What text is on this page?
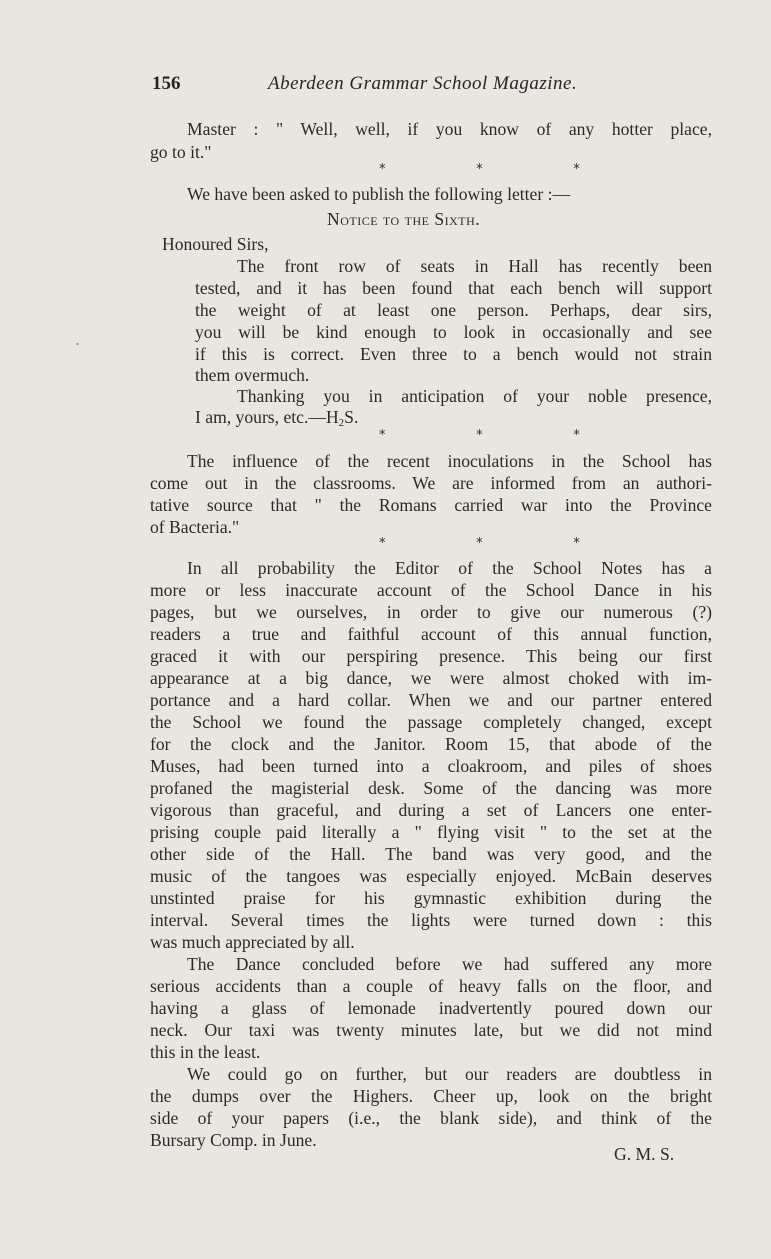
156	Aberdeen Grammar School Magazine.
Master : " Well, well, if you know of any hotter place,
go to it."
*     *     *
We have been asked to publish the following letter :—
Notice to the Sixth.
Honoured Sirs,
The front row of seats in Hall has recently been
tested, and it has been found that each bench will support
the weight of at least one person. Perhaps, dear sirs,
you will be kind enough to look in occasionally and see
if this is correct. Even three to a bench would not strain
them overmuch.
Thanking you in anticipation of your noble presence,
I am, yours, $etc.—H_2S$.
*     *     *
The influence of the recent inoculations in the School has
come out in the classrooms. We are informed from an authori-
tative source that " the Romans carried war into the Province
of Bacteria."
*     *     *
In all probability the Editor of the School Notes has a
more or less inaccurate account of the School Dance in his
pages, but we ourselves, in order to give our numerous (?)
readers a true and faithful account of this annual function,
graced it with our perspiring presence. This being our first
appearance at a big dance, we were almost choked with im-
portance and a hard collar. When we and our partner entered
the School we found the passage completely changed, except
for the clock and the Janitor. Room 15, that abode of the
Muses, had been turned into a cloakroom, and piles of shoes
profaned the magisterial desk. Some of the dancing was more
vigorous than graceful, and during a set of Lancers one enter-
prising couple paid literally a " flying visit " to the set at the
other side of the Hall. The band was very good, and the
music of the tangoes was especially enjoyed. McBain deserves
unstinted praise for his gymnastic exhibition during the
interval. Several times the lights were turned down : this
was much appreciated by all.
The Dance concluded before we had suffered any more
serious accidents than a couple of heavy falls on the floor, and
having a glass of lemonade inadvertently poured down our
neck. Our taxi was twenty minutes late, but we did not mind
this in the least.
We could go on further, but our readers are doubtless in
the dumps over the Highers. Cheer up, look on the bright
side of your papers (i.e., the blank side), and think of the
Bursary Comp. in June.
G. M. S.
